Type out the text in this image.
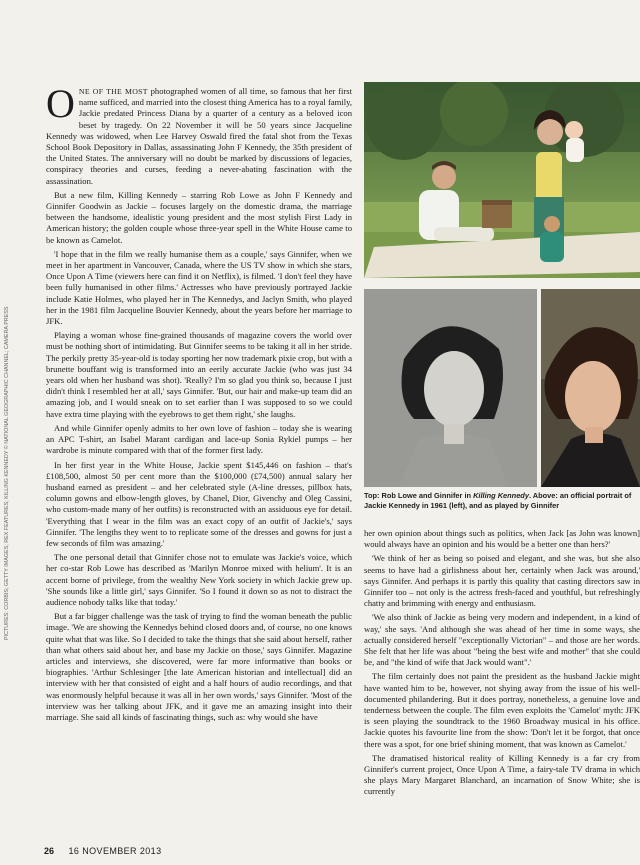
ONE OF THE MOST photographed women of all time, so famous that her first name sufficed, and married into the closest thing America has to a royal family, Jackie predated Princess Diana by a quarter of a century as a beloved icon beset by tragedy. On 22 November it will be 50 years since Jacqueline Kennedy was widowed, when Lee Harvey Oswald fired the fatal shot from the Texas School Book Depository in Dallas, assassinating John F Kennedy, the 35th president of the United States. The anniversary will no doubt be marked by discussions of legacies, conspiracy theories and curses, feeding a never-abating fascination with the assassination.

But a new film, Killing Kennedy – starring Rob Lowe as John F Kennedy and Ginnifer Goodwin as Jackie – focuses largely on the domestic drama, the marriage between the handsome, idealistic young president and the most stylish First Lady in American history; the golden couple whose three-year spell in the White House came to be known as Camelot.

'I hope that in the film we really humanise them as a couple,' says Ginnifer, when we meet in her apartment in Vancouver, Canada, where the US TV show in which she stars, Once Upon A Time (viewers here can find it on Netflix), is filmed. 'I don't feel they have been fully humanised in other films.' Actresses who have previously portrayed Jackie include Katie Holmes, who played her in The Kennedys, and Jaclyn Smith, who played her in the 1981 film Jacqueline Bouvier Kennedy, about the years before her marriage to JFK.

Playing a woman whose fine-grained thousands of magazine covers the world over must be nothing short of intimidating. But Ginnifer seems to be taking it all in her stride. The perkily pretty 35-year-old is today sporting her now trademark pixie crop, but with a brunette bouffant wig is transformed into an eerily accurate Jackie (who was just 34 years old when her husband was shot). 'Really? I'm so glad you think so, because I just didn't think I resembled her at all,' says Ginnifer. 'But, our hair and make-up team did an amazing job, and I would sneak on to set earlier than I was supposed to so we could have extra time playing with the eyebrows to get them right,' she laughs.

And while Ginnifer openly admits to her own love of fashion – today she is wearing an APC T-shirt, an Isabel Marant cardigan and lace-up Sonia Rykiel pumps – her wardrobe is minute compared with that of the former first lady.

In her first year in the White House, Jackie spent $145,446 on fashion – that's £108,500, almost 50 per cent more than the $100,000 (£74,500) annual salary her husband earned as president – and her celebrated style (A-line dresses, pillbox hats, column gowns and elbow-length gloves, by Chanel, Dior, Givenchy and Oleg Cassini, who custom-made many of her outfits) is reconstructed with an assiduous eye for detail. 'Everything that I wear in the film was an exact copy of an outfit of Jackie's,' says Ginnifer. 'The lengths they went to to replicate some of the dresses and gowns for just a few seconds of film was amazing.'

The one personal detail that Ginnifer chose not to emulate was Jackie's voice, which her co-star Rob Lowe has described as 'Marilyn Monroe mixed with helium'. It is an accent borne of privilege, from the wealthy New York society in which Jackie grew up. 'She sounds like a little girl,' says Ginnifer. 'So I found it down so as not to distract the audience nobody talks like that today.'

But a far bigger challenge was the task of trying to find the woman beneath the public image. 'We are showing the Kennedys behind closed doors and, of course, no one knows quite what that was like. So I decided to take the things that she said about herself, rather than what others said about her, and base my Jackie on those,' says Ginnifer. Magazine articles and interviews, she discovered, were far more informative than books or biographies. 'Arthur Schlesinger [the late American historian and intellectual] did an interview with her that consisted of eight and a half hours of audio recordings, and that was enormously helpful because it was all in her own words,' says Ginnifer. 'Most of the interview was her talking about JFK, and it gave me an amazing insight into their marriage. She said all kinds of fascinating things, such as: why would she have

Top: Rob Lowe and Ginnifer in Killing Kennedy. Above: an official portrait of
Jackie Kennedy in 1961 (left), and as played by Ginnifer

her own opinion about things such as politics, when Jack [as John was known] would always have an opinion and his would be a better one than hers?'

'We think of her as being so poised and elegant, and she was, but she also seems to have had a girlishness about her, certainly when Jack was around,' says Ginnifer. And perhaps it is partly this quality that casting directors saw in Ginnifer too – not only is the actress fresh-faced and youthful, but refreshingly chatty and brimming with energy and enthusiasm.

'We also think of Jackie as being very modern and independent, in a kind of way,' she says. 'And although she was ahead of her time in some ways, she actually considered herself "exceptionally Victorian" – and those are her words. She felt that her life was about "being the best wife and mother" that she could be, and "the kind of wife that Jack would want".'

The film certainly does not paint the president as the husband Jackie might have wanted him to be, however, not shying away from the issue of his well-documented philandering. But it does portray, nonetheless, a genuine love and tenderness between the couple. The film even exploits the 'Camelot' myth: JFK is seen playing the soundtrack to the 1960 Broadway musical in his office. Jackie quotes his favourite line from the show: 'Don't let it be forgot, that once there was a spot, for one brief shining moment, that was known as Camelot.'

The dramatised historical reality of Killing Kennedy is a far cry from Ginnifer's current project, Once Upon A Time, a fairy-tale TV drama in which she plays Mary Margaret Blanchard, an incarnation of Snow White; she is currently

PICTURES: CORBIS; GETTY IMAGES; REX FEATURES; KILLING KENNEDY © NATIONAL GEOGRAPHIC CHANNEL; CAMERA PRESS
26 16 NOVEMBER 2013
